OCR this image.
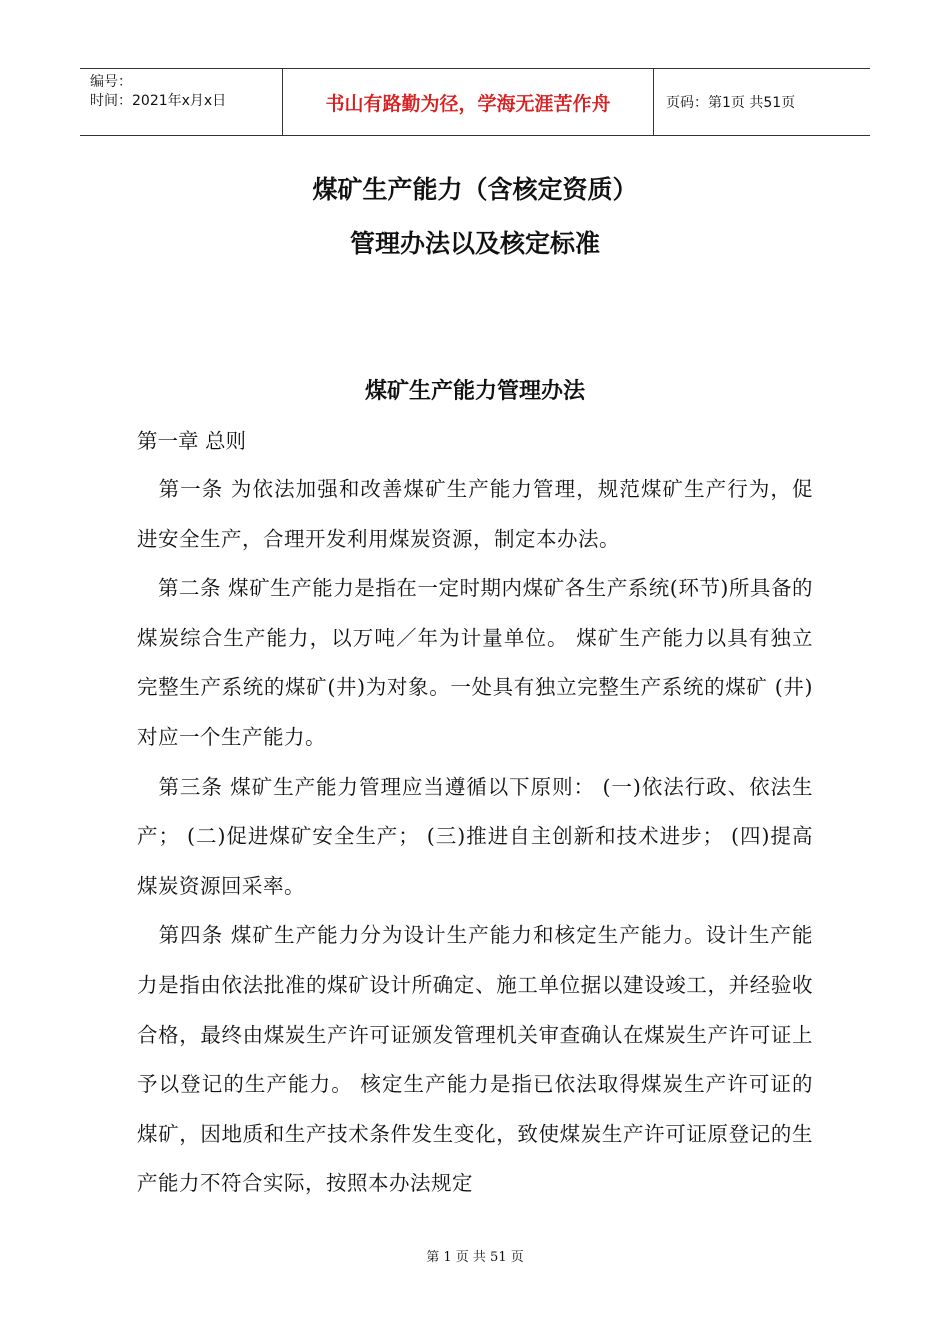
编号：
时间：2021年x月x日	书山有路勤为径，学海无涯苦作舟	页码：第1页 共51页
煤矿生产能力（含核定资质）
管理办法以及核定标准
煤矿生产能力管理办法
第一章 总则

　第一条 为依法加强和改善煤矿生产能力管理，规范煤矿生产行为，促进安全生产，合理开发利用煤炭资源，制定本办法。

　第二条 煤矿生产能力是指在一定时期内煤矿各生产系统(环节)所具备的煤炭综合生产能力，以万吨／年为计量单位。 煤矿生产能力以具有独立完整生产系统的煤矿(井)为对象。一处具有独立完整生产系统的煤矿 (井)对应一个生产能力。

　第三条 煤矿生产能力管理应当遵循以下原则： (一)依法行政、依法生产； (二)促进煤矿安全生产； (三)推进自主创新和技术进步； (四)提高煤炭资源回采率。

　第四条 煤矿生产能力分为设计生产能力和核定生产能力。设计生产能力是指由依法批准的煤矿设计所确定、施工单位据以建设竣工，并经验收合格，最终由煤炭生产许可证颁发管理机关审查确认在煤炭生产许可证上予以登记的生产能力。 核定生产能力是指已依法取得煤炭生产许可证的煤矿，因地质和生产技术条件发生变化，致使煤炭生产许可证原登记的生产能力不符合实际，按照本办法规定

第 1 页 共 51 页
